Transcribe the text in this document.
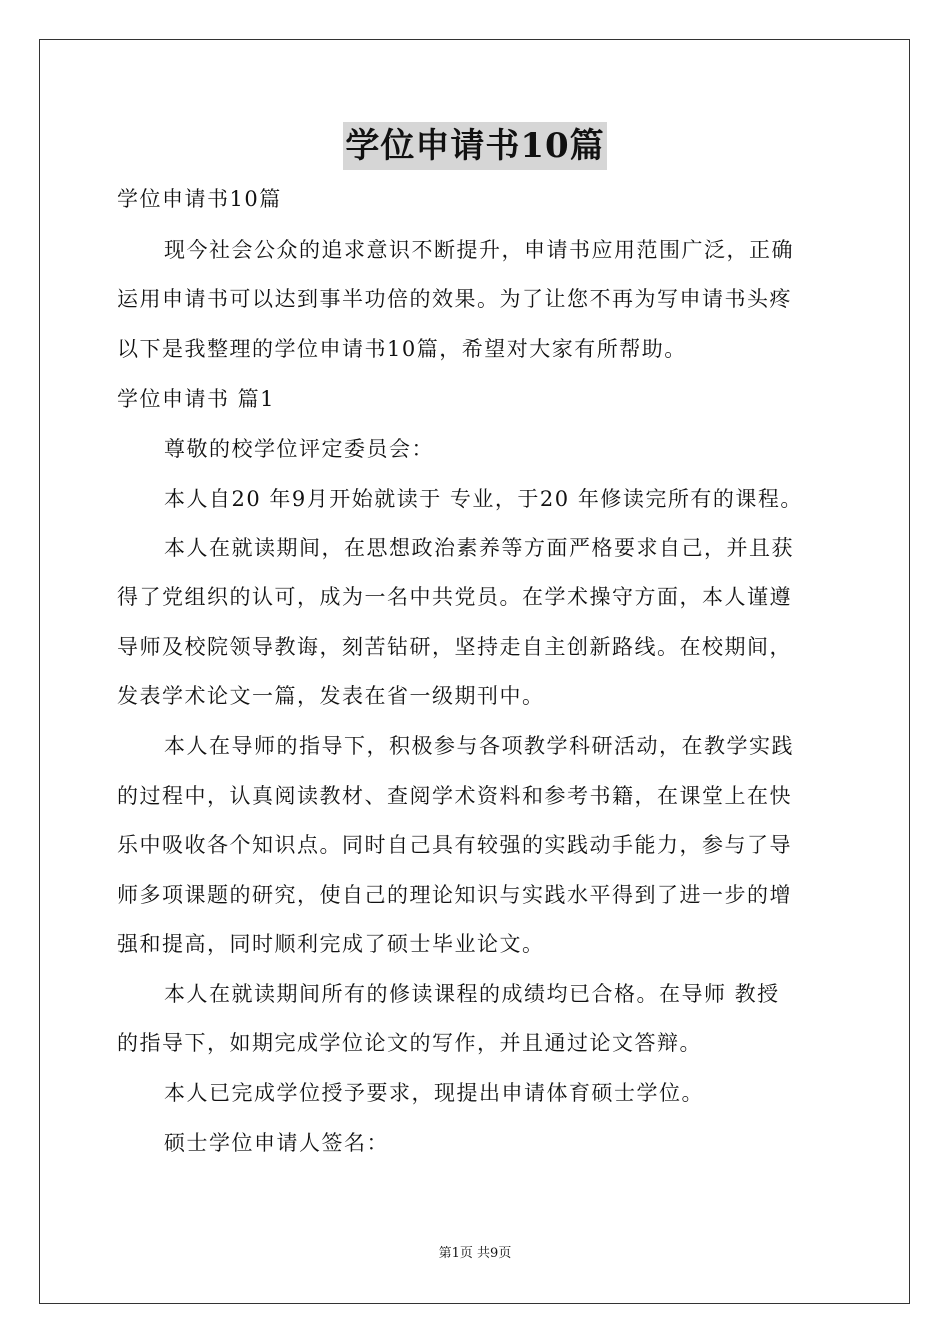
学位申请书10篇
学位申请书10篇
现今社会公众的追求意识不断提升，申请书应用范围广泛，正确
运用申请书可以达到事半功倍的效果。为了让您不再为写申请书头疼
以下是我整理的学位申请书10篇，希望对大家有所帮助。
学位申请书 篇1
尊敬的校学位评定委员会：
本人自20 年9月开始就读于 专业，于20 年修读完所有的课程。
本人在就读期间，在思想政治素养等方面严格要求自己，并且获
得了党组织的认可，成为一名中共党员。在学术操守方面，本人谨遵
导师及校院领导教诲，刻苦钻研，坚持走自主创新路线。在校期间，
发表学术论文一篇，发表在省一级期刊中。
本人在导师的指导下，积极参与各项教学科研活动，在教学实践
的过程中，认真阅读教材、查阅学术资料和参考书籍，在课堂上在快
乐中吸收各个知识点。同时自己具有较强的实践动手能力，参与了导
师多项课题的研究，使自己的理论知识与实践水平得到了进一步的增
强和提高，同时顺利完成了硕士毕业论文。
本人在就读期间所有的修读课程的成绩均已合格。在导师 教授
的指导下，如期完成学位论文的写作，并且通过论文答辩。
本人已完成学位授予要求，现提出申请体育硕士学位。
硕士学位申请人签名：
第1页 共9页
